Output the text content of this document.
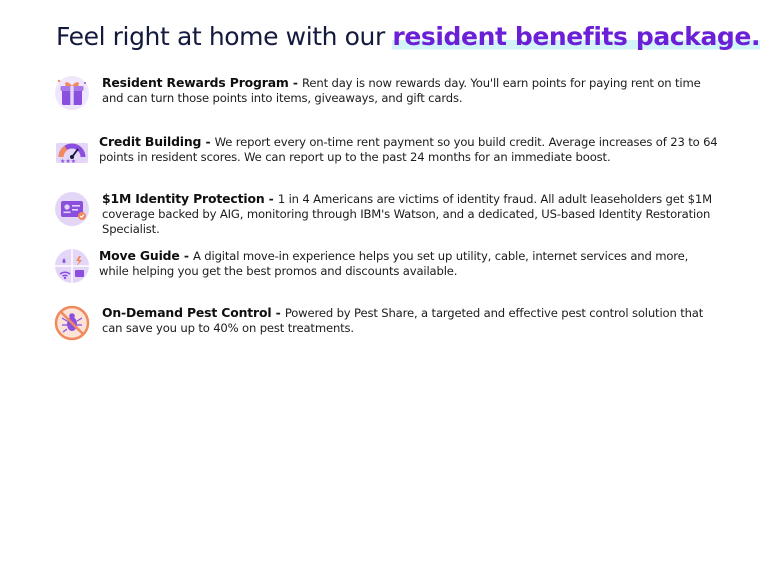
Feel right at home with our resident benefits package.
Resident Rewards Program - Rent day is now rewards day. You'll earn points for paying rent on time and can turn those points into items, giveaways, and gift cards.
★★★
Credit Building - We report every on-time rent payment so you build credit. Average increases of 23 to 64 points in resident scores. We can report up to the past 24 months for an immediate boost.
$1M Identity Protection - 1 in 4 Americans are victims of identity fraud. All adult leaseholders get $1M coverage backed by AIG, monitoring through IBM's Watson, and a dedicated, US-based Identity Restoration Specialist.
Move Guide - A digital move-in experience helps you set up utility, cable, internet services and more, while helping you get the best promos and discounts available.
On-Demand Pest Control - Powered by Pest Share, a targeted and effective pest control solution that can save you up to 40% on pest treatments.
